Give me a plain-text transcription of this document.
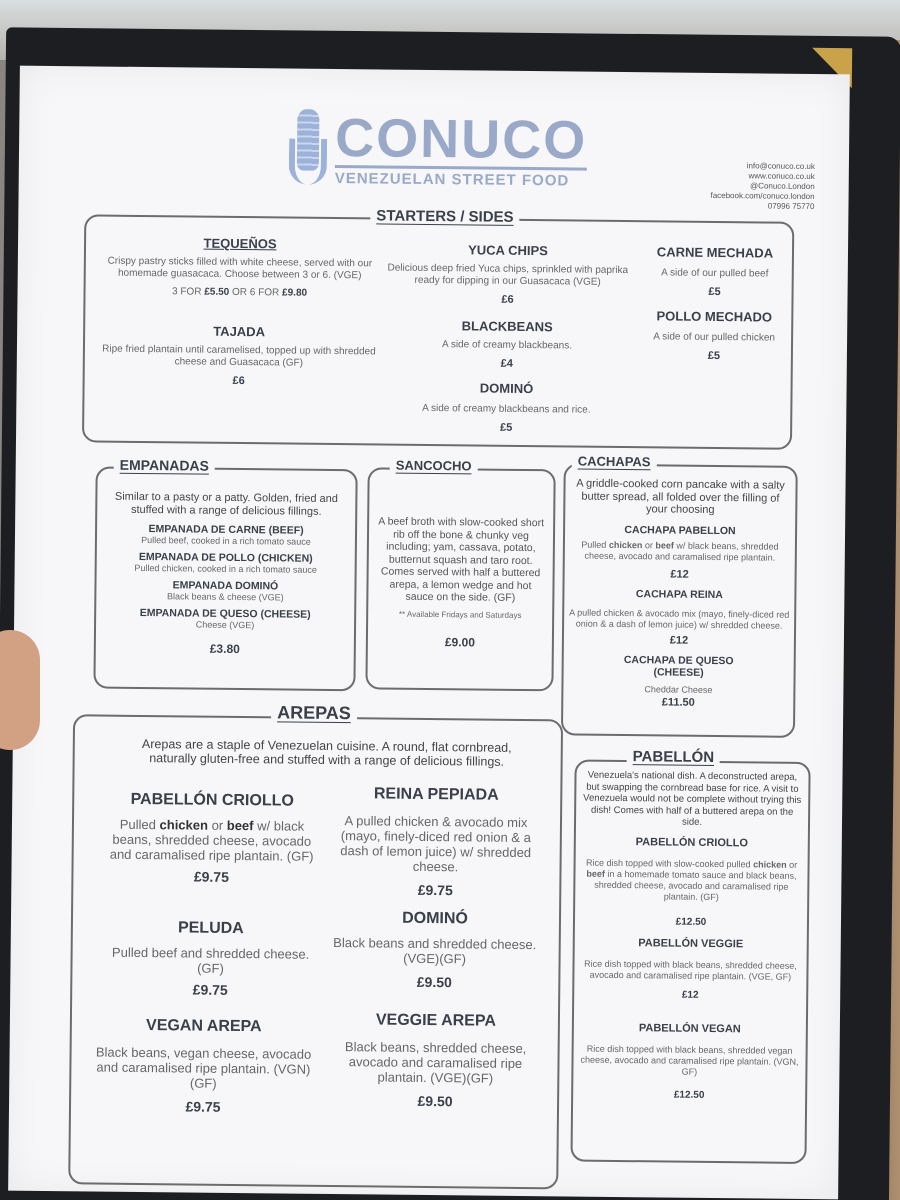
CONUCO
VENEZUELAN STREET FOOD
info@conuco.co.uk
www.conuco.co.uk
@Conuco.London
facebook.com/conuco.london
07996 75770
STARTERS / SIDES
TEQUEÑOS
Crispy pastry sticks filled with white cheese, served with our homemade guasacaca. Choose between 3 or 6. (VGE)
3 FOR £5.50 OR 6 FOR £9.80
TAJADA
Ripe fried plantain until caramelised, topped up with shredded cheese and Guasacaca (GF)
£6
YUCA CHIPS
Delicious deep fried Yuca chips, sprinkled with paprika ready for dipping in our Guasacaca (VGE)
£6
BLACKBEANS
A side of creamy blackbeans.
£4
DOMINÓ
A side of creamy blackbeans and rice.
£5
CARNE MECHADA
A side of our pulled beef
£5
POLLO MECHADO
A side of our pulled chicken
£5
EMPANADAS
Similar to a pasty or a patty. Golden, fried and stuffed with a range of delicious fillings.
EMPANADA DE CARNE (BEEF)
Pulled beef, cooked in a rich tomato sauce
EMPANADA DE POLLO (CHICKEN)
Pulled chicken, cooked in a rich tomato sauce
EMPANADA DOMINÓ
Black beans & cheese (VGE)
EMPANADA DE QUESO (CHEESE)
Cheese (VGE)
£3.80
SANCOCHO
A beef broth with slow-cooked short rib off the bone & chunky veg including; yam, cassava, potato, butternut squash and taro root. Comes served with half a buttered arepa, a lemon wedge and hot sauce on the side. (GF)
** Available Fridays and Saturdays
£9.00
CACHAPAS
A griddle-cooked corn pancake with a salty butter spread, all folded over the filling of your choosing
CACHAPA PABELLON
Pulled chicken or beef w/ black beans, shredded cheese, avocado and caramalised ripe plantain.
£12
CACHAPA REINA
A pulled chicken & avocado mix (mayo, finely-diced red onion & a dash of lemon juice) w/ shredded cheese.
£12
CACHAPA DE QUESO (CHEESE)
Cheddar Cheese
£11.50
AREPAS
Arepas are a staple of Venezuelan cuisine. A round, flat cornbread, naturally gluten-free and stuffed with a range of delicious fillings.
PABELLÓN CRIOLLO
Pulled chicken or beef w/ black beans, shredded cheese, avocado and caramalised ripe plantain. (GF)
£9.75
REINA PEPIADA
A pulled chicken & avocado mix (mayo, finely-diced red onion & a dash of lemon juice) w/ shredded cheese.
£9.75
PELUDA
Pulled beef and shredded cheese. (GF)
£9.75
DOMINÓ
Black beans and shredded cheese. (VGE)(GF)
£9.50
VEGAN AREPA
Black beans, vegan cheese, avocado and caramalised ripe plantain. (VGN)(GF)
£9.75
VEGGIE AREPA
Black beans, shredded cheese, avocado and caramalised ripe plantain. (VGE)(GF)
£9.50
PABELLÓN
Venezuela's national dish. A deconstructed arepa, but swapping the cornbread base for rice. A visit to Venezuela would not be complete without trying this dish! Comes with half of a buttered arepa on the side.
PABELLÓN CRIOLLO
Rice dish topped with slow-cooked pulled chicken or beef in a homemade tomato sauce and black beans, shredded cheese, avocado and caramalised ripe plantain. (GF)
£12.50
PABELLÓN VEGGIE
Rice dish topped with black beans, shredded cheese, avocado and caramalised ripe plantain. (VGE, GF)
£12
PABELLÓN VEGAN
Rice dish topped with black beans, shredded vegan cheese, avocado and caramalised ripe plantain. (VGN, GF)
£12.50
